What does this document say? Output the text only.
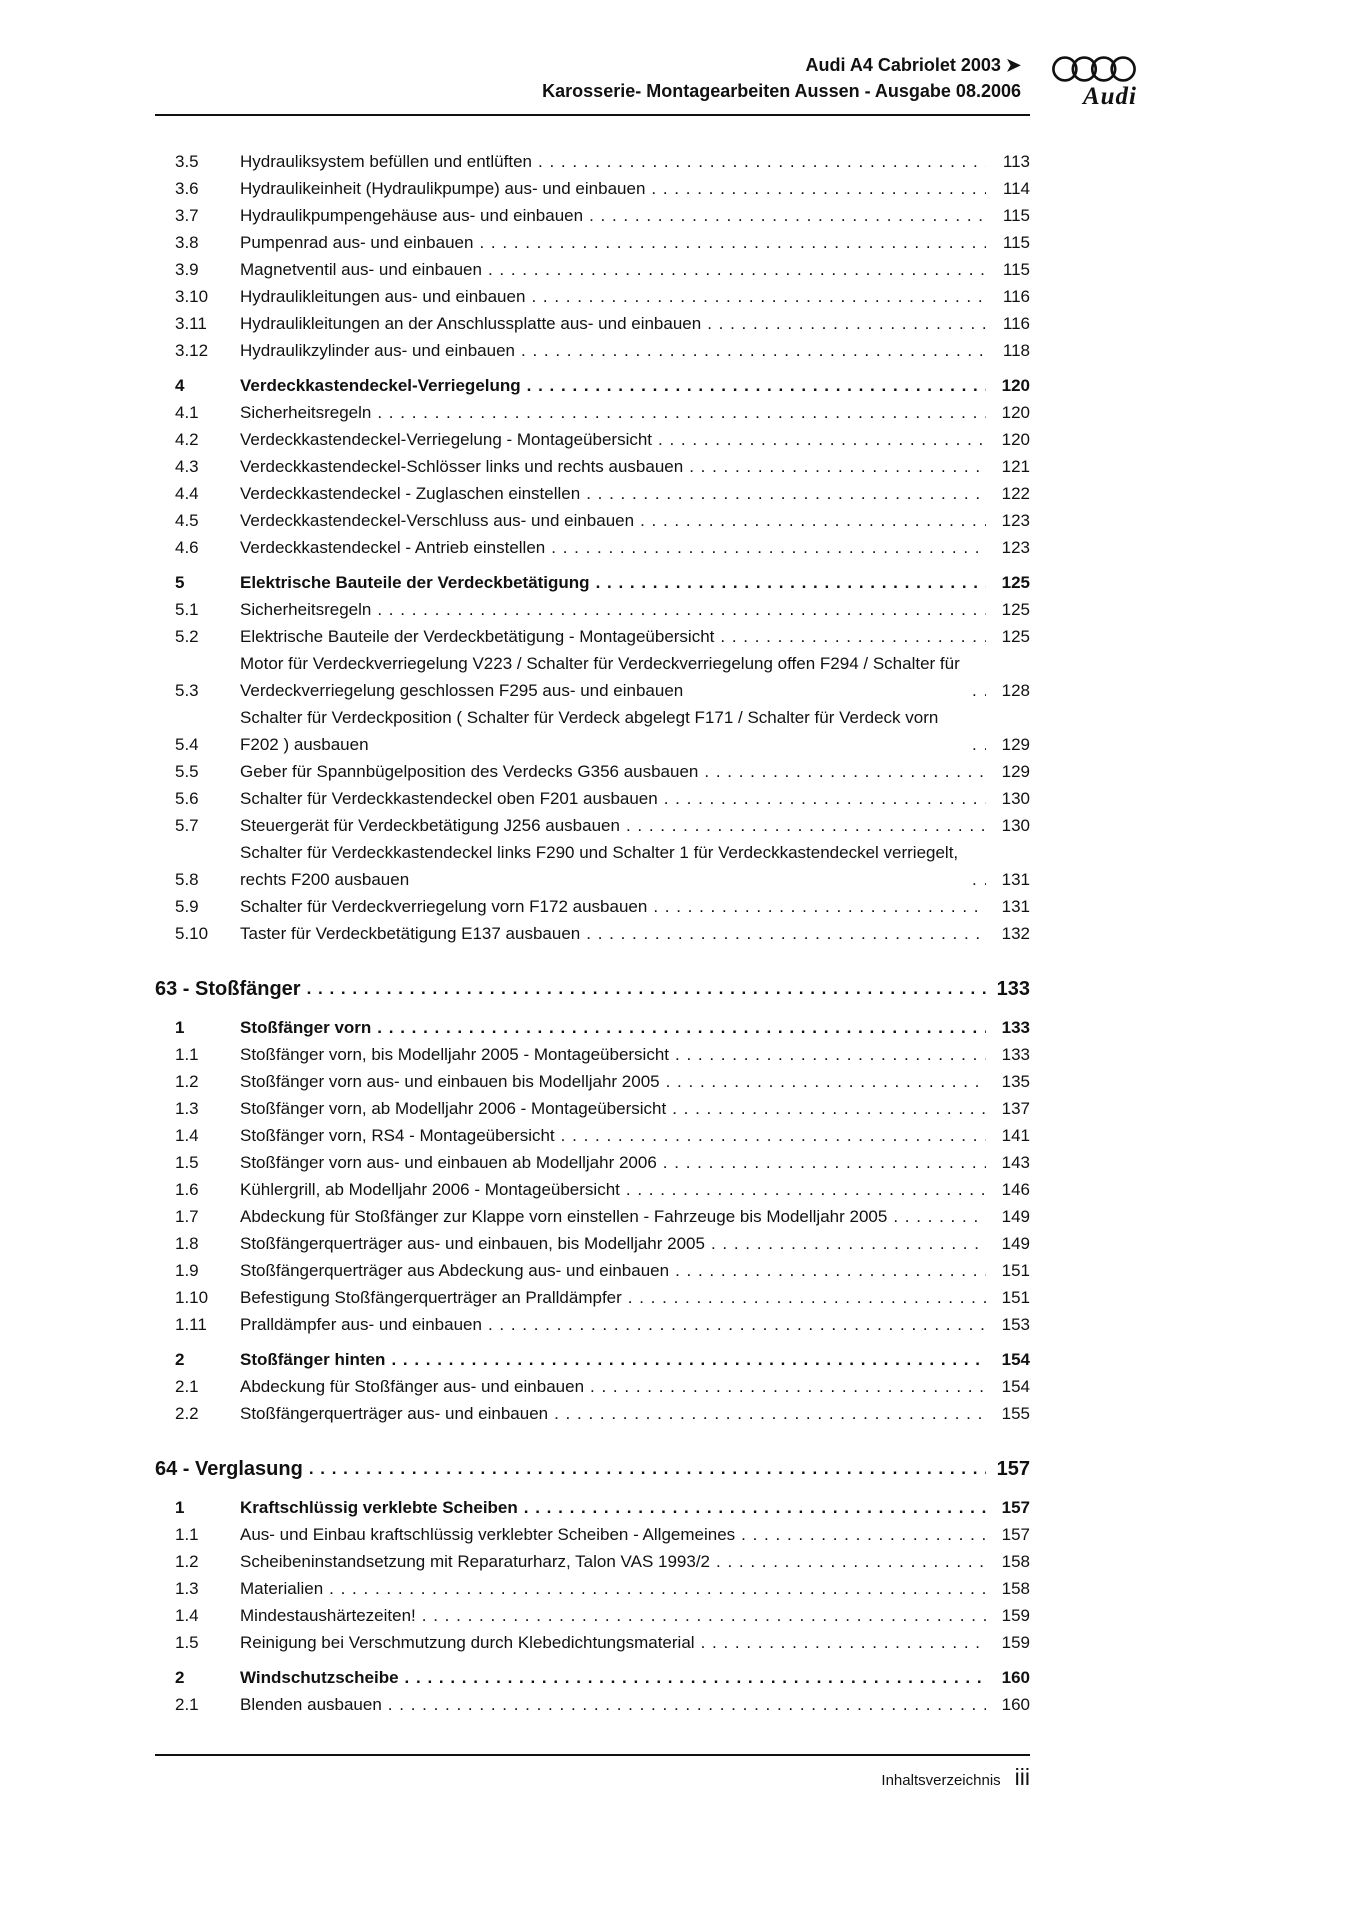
Audi A4 Cabriolet 2003 ➤
Karosserie- Montagearbeiten Aussen - Ausgabe 08.2006 Audi
3.5	Hydrauliksystem befüllen und entlüften . . .	113
3.6	Hydraulikeinheit (Hydraulikpumpe) aus- und einbauen . . .	114
3.7	Hydraulikpumpengehäuse aus- und einbauen . . .	115
3.8	Pumpenrad aus- und einbauen . . .	115
3.9	Magnetventil aus- und einbauen . . .	115
3.10	Hydraulikleitungen aus- und einbauen . . .	116
3.11	Hydraulikleitungen an der Anschlussplatte aus- und einbauen . . .	116
3.12	Hydraulikzylinder aus- und einbauen . . .	118
4	Verdeckkastendeckel-Verriegelung . . .	120
4.1	Sicherheitsregeln . . .	120
4.2	Verdeckkastendeckel-Verriegelung - Montageübersicht . . .	120
4.3	Verdeckkastendeckel-Schlösser links und rechts ausbauen . . .	121
4.4	Verdeckkastendeckel - Zuglaschen einstellen . . .	122
4.5	Verdeckkastendeckel-Verschluss aus- und einbauen . . .	123
4.6	Verdeckkastendeckel - Antrieb einstellen . . .	123
5	Elektrische Bauteile der Verdeckbetätigung . . .	125
5.1	Sicherheitsregeln . . .	125
5.2	Elektrische Bauteile der Verdeckbetätigung - Montageübersicht . . .	125
5.3
Motor für Verdeckverriegelung V223 / Schalter für Verdeckverriegelung offen F294 / Schalter für Verdeckverriegelung geschlossen F295 aus- und einbauen . . .	128
5.4
Schalter für Verdeckposition ( Schalter für Verdeck abgelegt F171 / Schalter für Verdeck vorn F202 ) ausbauen . . .	129
5.5	Geber für Spannbügelposition des Verdecks G356 ausbauen . . .	129
5.6	Schalter für Verdeckkastendeckel oben F201 ausbauen . . .	130
5.7	Steuergerät für Verdeckbetätigung J256 ausbauen . . .	130
5.8
Schalter für Verdeckkastendeckel links F290 und Schalter 1 für Verdeckkastendeckel verriegelt, rechts F200 ausbauen . . .	131
5.9	Schalter für Verdeckverriegelung vorn F172 ausbauen . . .	131
5.10	Taster für Verdeckbetätigung E137 ausbauen . . .	132
63 - Stoßfänger . . .	133
1	Stoßfänger vorn . . .	133
1.1	Stoßfänger vorn, bis Modelljahr 2005 - Montageübersicht . . .	133
1.2	Stoßfänger vorn aus- und einbauen bis Modelljahr 2005 . . .	135
1.3	Stoßfänger vorn, ab Modelljahr 2006 - Montageübersicht . . .	137
1.4	Stoßfänger vorn, RS4 - Montageübersicht . . .	141
1.5	Stoßfänger vorn aus- und einbauen ab Modelljahr 2006 . . .	143
1.6	Kühlergrill, ab Modelljahr 2006 - Montageübersicht . . .	146
1.7	Abdeckung für Stoßfänger zur Klappe vorn einstellen - Fahrzeuge bis Modelljahr 2005 . . .	149
1.8	Stoßfängerquerträger aus- und einbauen, bis Modelljahr 2005 . . .	149
1.9	Stoßfängerquerträger aus Abdeckung aus- und einbauen . . .	151
1.10	Befestigung Stoßfängerquerträger an Pralldämpfer . . .	151
1.11	Pralldämpfer aus- und einbauen . . .	153
2	Stoßfänger hinten . . .	154
2.1	Abdeckung für Stoßfänger aus- und einbauen . . .	154
2.2	Stoßfängerquerträger aus- und einbauen . . .	155
64 - Verglasung . . .	157
1	Kraftschlüssig verklebte Scheiben . . .	157
1.1	Aus- und Einbau kraftschlüssig verklebter Scheiben - Allgemeines . . .	157
1.2	Scheibeninstandsetzung mit Reparaturharz, Talon VAS 1993/2 . . .	158
1.3	Materialien . . .	158
1.4	Mindestaushärtezeiten! . . .	159
1.5	Reinigung bei Verschmutzung durch Klebedichtungsmaterial . . .	159
2	Windschutzscheibe . . .	160
2.1	Blenden ausbauen . . .	160
Inhaltsverzeichnis iii
